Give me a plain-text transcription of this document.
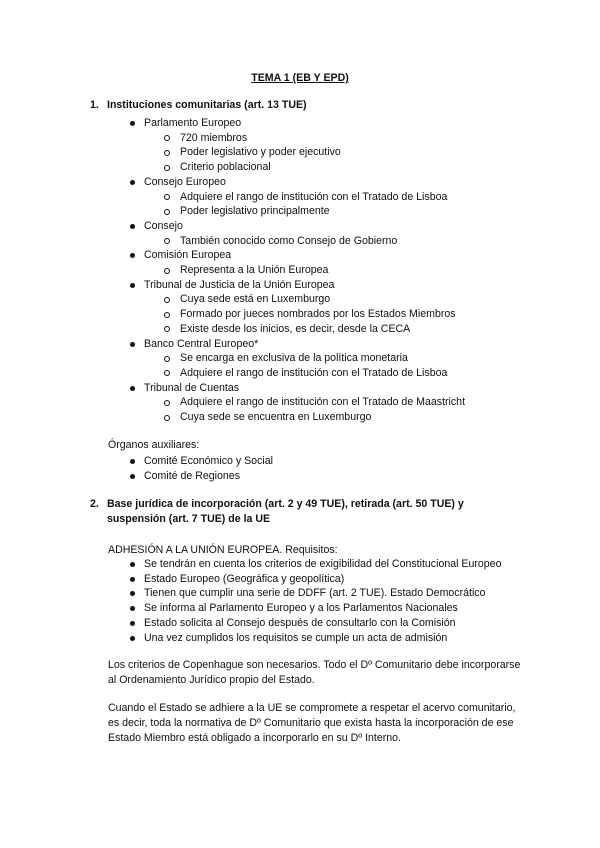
TEMA 1 (EB Y EPD)
1. Instituciones comunitarias (art. 13 TUE)
Parlamento Europeo
720 miembros
Poder legislativo y poder ejecutivo
Criterio poblacional
Consejo Europeo
Adquiere el rango de institución con el Tratado de Lisboa
Poder legislativo principalmente
Consejo
También conocido como Consejo de Gobierno
Comisión Europea
Representa a la Unión Europea
Tribunal de Justicia de la Unión Europea
Cuya sede está en Luxemburgo
Formado por jueces nombrados por los Estados Miembros
Existe desde los inicios, es decir, desde la CECA
Banco Central Europeo*
Se encarga en exclusiva de la política monetaria
Adquiere el rango de institución con el Tratado de Lisboa
Tribunal de Cuentas
Adquiere el rango de institución con el Tratado de Maastricht
Cuya sede se encuentra en Luxemburgo
Órganos auxiliares:
Comité Económico y Social
Comité de Regiones
2. Base jurídica de incorporación (art. 2 y 49 TUE), retirada (art. 50 TUE) y suspensión (art. 7 TUE) de la UE
ADHESIÓN A LA UNIÓN EUROPEA. Requisitos:
Se tendrán en cuenta los criterios de exigibilidad del Constitucional Europeo
Estado Europeo (Geográfica y geopolítica)
Tienen que cumplir una serie de DDFF (art. 2 TUE). Estado Democrático
Se informa al Parlamento Europeo y a los Parlamentos Nacionales
Estado solicita al Consejo después de consultarlo con la Comisión
Una vez cumplidos los requisitos se cumple un acta de admisión
Los criterios de Copenhague son necesarios. Todo el Dº Comunitario debe incorporarse al Ordenamiento Jurídico propio del Estado.
Cuando el Estado se adhiere a la UE se compromete a respetar el acervo comunitario, es decir, toda la normativa de Dº Comunitario que exista hasta la incorporación de ese Estado Miembro está obligado a incorporarlo en su Dº Interno.
